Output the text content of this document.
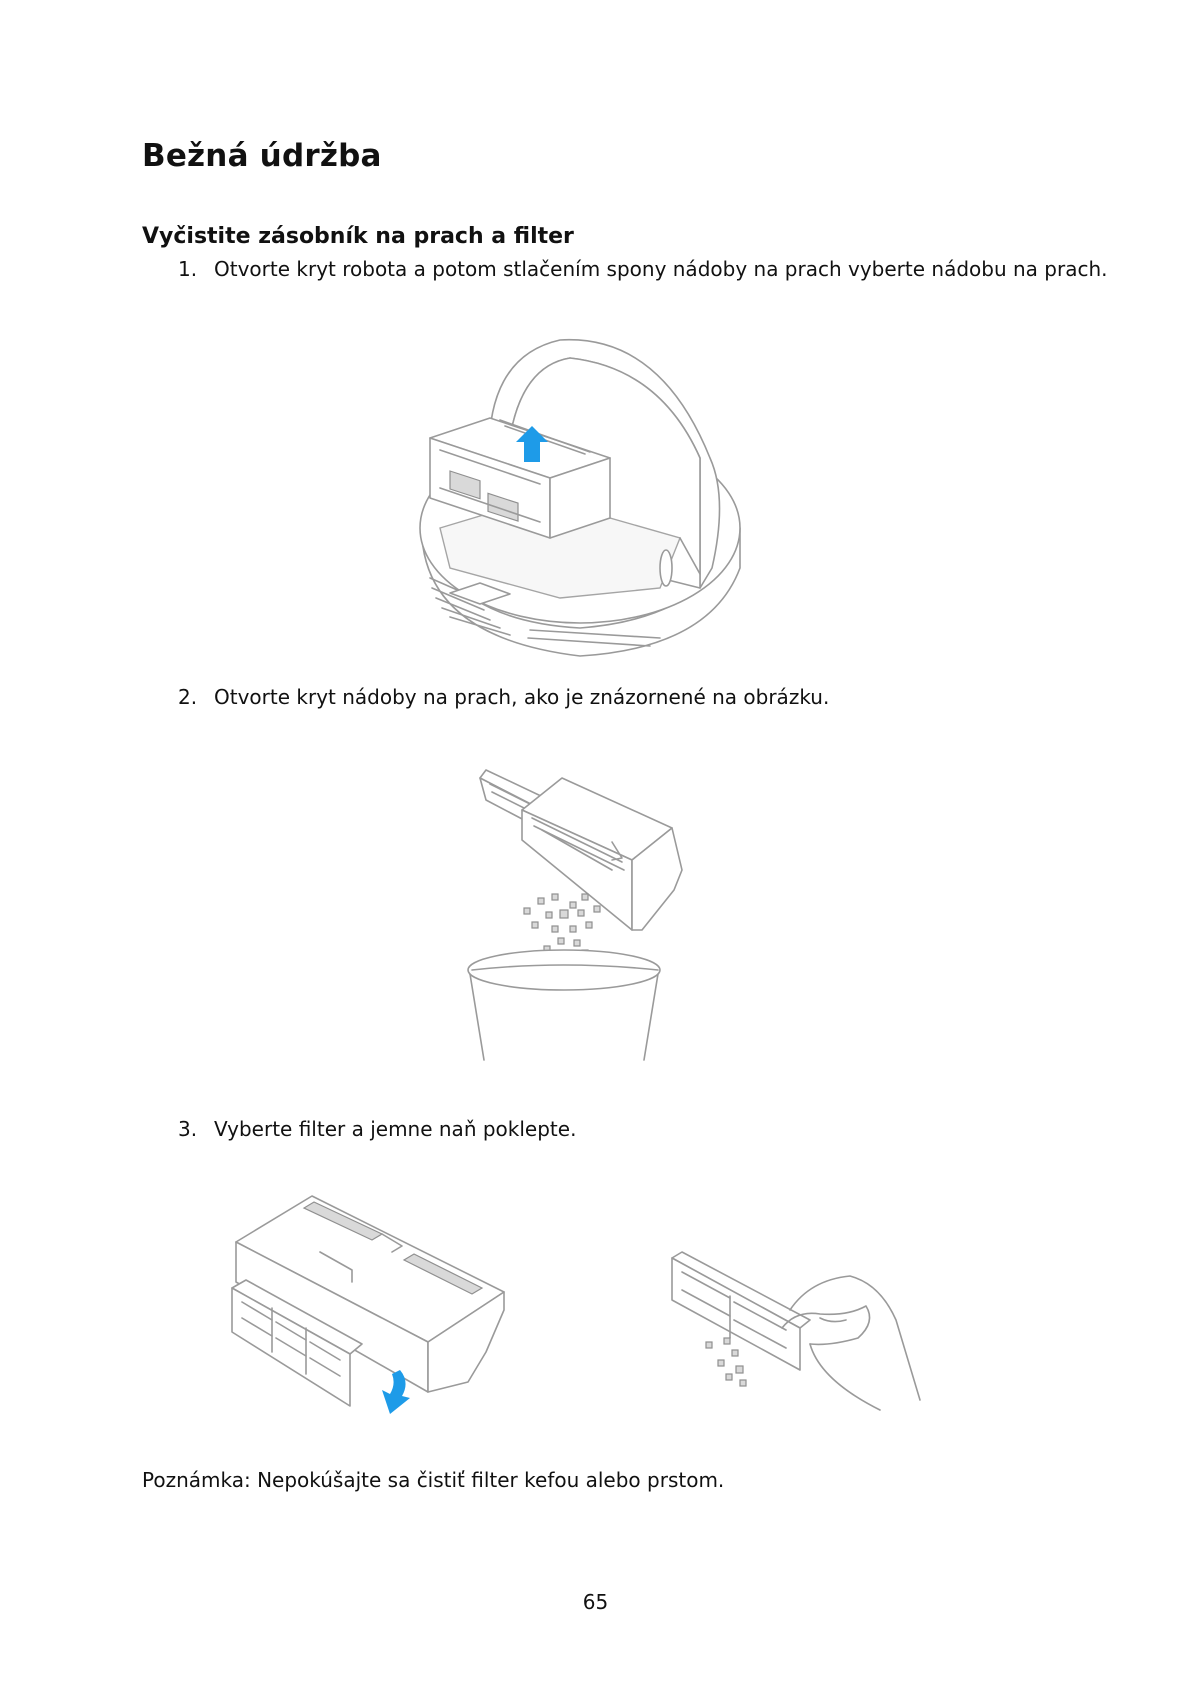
Bežná údržba
Vyčistite zásobník na prach a filter
1. Otvorte kryt robota a potom stlačením spony nádoby na prach vyberte nádobu na prach.
2. Otvorte kryt nádoby na prach, ako je znázornené na obrázku.
3. Vyberte filter a jemne naň poklepte.
Poznámka: Nepokúšajte sa čistiť filter kefou alebo prstom.
65
